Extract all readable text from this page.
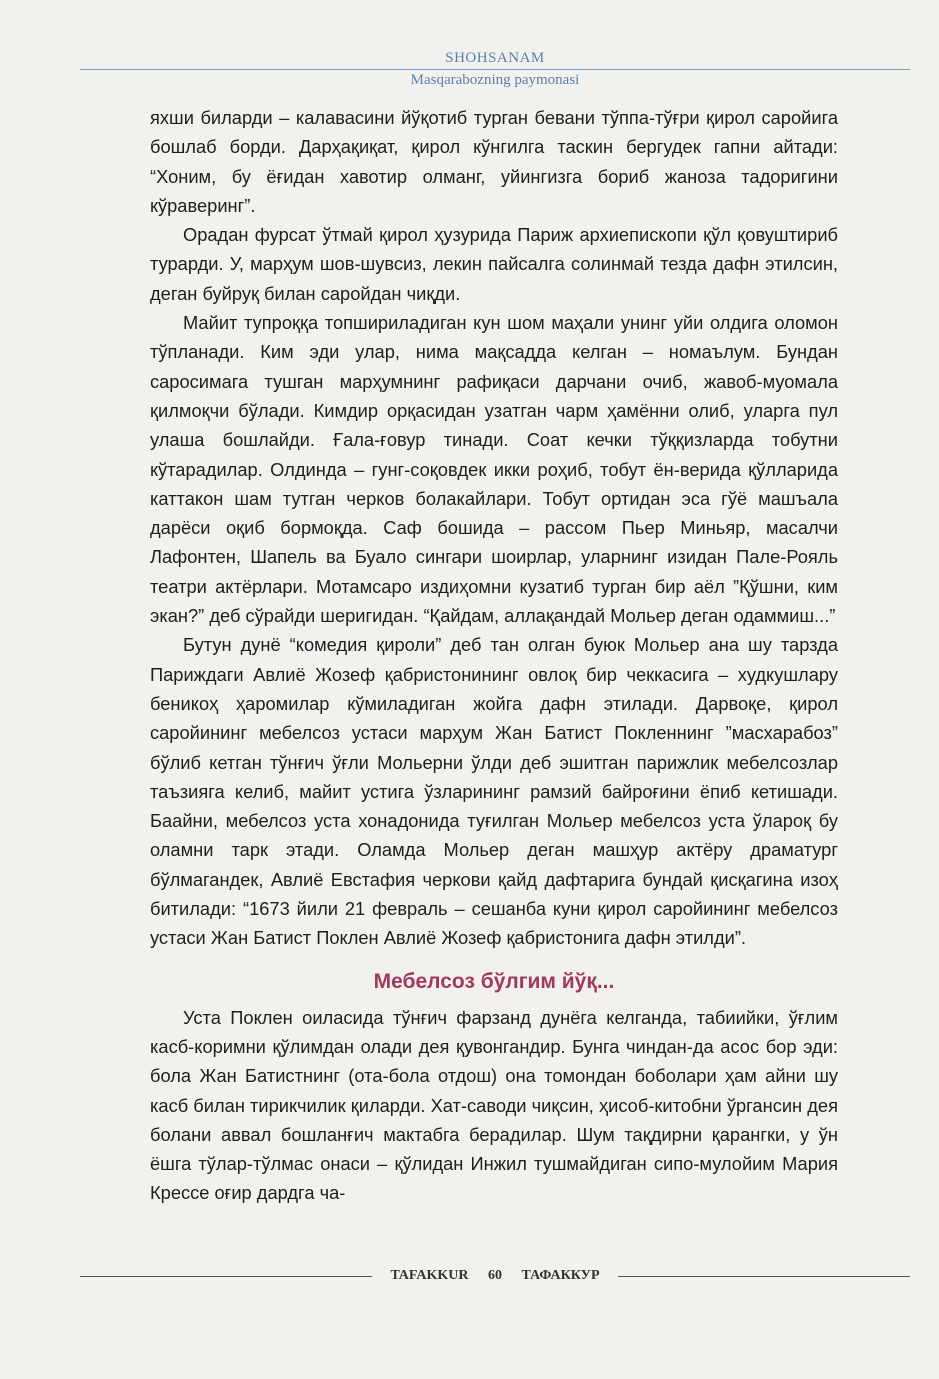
SHOHSANAM
Masqarabozning paymonasi

яхши биларди – калавасини йўқотиб турган бевани тўппа-тўғри қирол саройига бошлаб борди. Дарҳақиқат, қирол кўнгилга таскин бергудек гапни айтади: “Хоним, бу ёғидан хавотир олманг, уйингизга бориб жаноза тадоригини кўраверинг”.

Орадан фурсат ўтмай қирол ҳузурида Париж архиепископи қўл қовуштириб турарди. У, марҳум шов-шувсиз, лекин пайсалга солинмай тезда дафн этилсин, деган буйруқ билан саройдан чиқди.

Майит тупроққа топшириладиган кун шом маҳали унинг уйи олдига оломон тўпланади. Ким эди улар, нима мақсадда келган – номаълум. Бундан саросимага тушган марҳумнинг рафиқаси дарчани очиб, жавоб-муомала қилмоқчи бўлади. Кимдир орқасидан узатган чарм ҳамённи олиб, уларга пул улаша бошлайди. Ғала-ғовур тинади. Соат кечки тўққизларда тобутни кўтарадилар. Олдинда – гунг-соқовдек икки роҳиб, тобут ён-верида қўлларида каттакон шам тутган черков болакайлари. Тобут ортидан эса гўё машъала дарёси оқиб бормоқда. Саф бошида – рассом Пьер Миньяр, масалчи Лафонтен, Шапель ва Буало сингари шоирлар, уларнинг изидан Пале-Рояль театри актёрлари. Мотамсаро издиҳомни кузатиб турган бир аёл ”Қўшни, ким экан?” деб сўрайди шеригидан. “Қайдам, аллақандай Мольер деган одаммиш...”

Бутун дунё “комедия қироли” деб тан олган буюк Мольер ана шу тарзда Париждаги Авлиё Жозеф қабристонининг овлоқ бир чеккасига – худкушлару беникоҳ ҳаромилар кўмиладиган жойга дафн этилади. Дарвоқе, қирол саройининг мебелсоз устаси марҳум Жан Батист Покленнинг ”масхарабоз” бўлиб кетган тўнғич ўғли Мольерни ўлди деб эшитган парижлик мебелсозлар таъзияга келиб, майит устига ўзларининг рамзий байроғини ёпиб кетишади. Баайни, мебелсоз уста хонадонида туғилган Мольер мебелсоз уста ўлароқ бу оламни тарк этади. Оламда Мольер деган машҳур актёру драматург бўлмагандек, Авлиё Евстафия черкови қайд дафтарига бундай қисқагина изоҳ битилади: “1673 йили 21 февраль – сешанба куни қирол саройининг мебелсоз устаси Жан Батист Поклен Авлиё Жозеф қабристонига дафн этилди”.

Мебелсоз бўлгим йўқ...

Уста Поклен оиласида тўнғич фарзанд дунёга келганда, табиийки, ўғлим касб-коримни қўлимдан олади дея қувонгандир. Бунга чиндан-да асос бор эди: бола Жан Батистнинг (ота-бола отдош) она томондан боболари ҳам айни шу касб билан тирикчилик қиларди. Хат-саводи чиқсин, ҳисоб-китобни ўргансин дея болани аввал бошланғич мактабга берадилар. Шум тақдирни қарангки, у ўн ёшга тўлар-тўлмас онаси – қўлидан Инжил тушмайдиган сипо-мулойим Мария Крессе оғир дардга ча-

TAFAKKUR 60 ТАФАККУР
